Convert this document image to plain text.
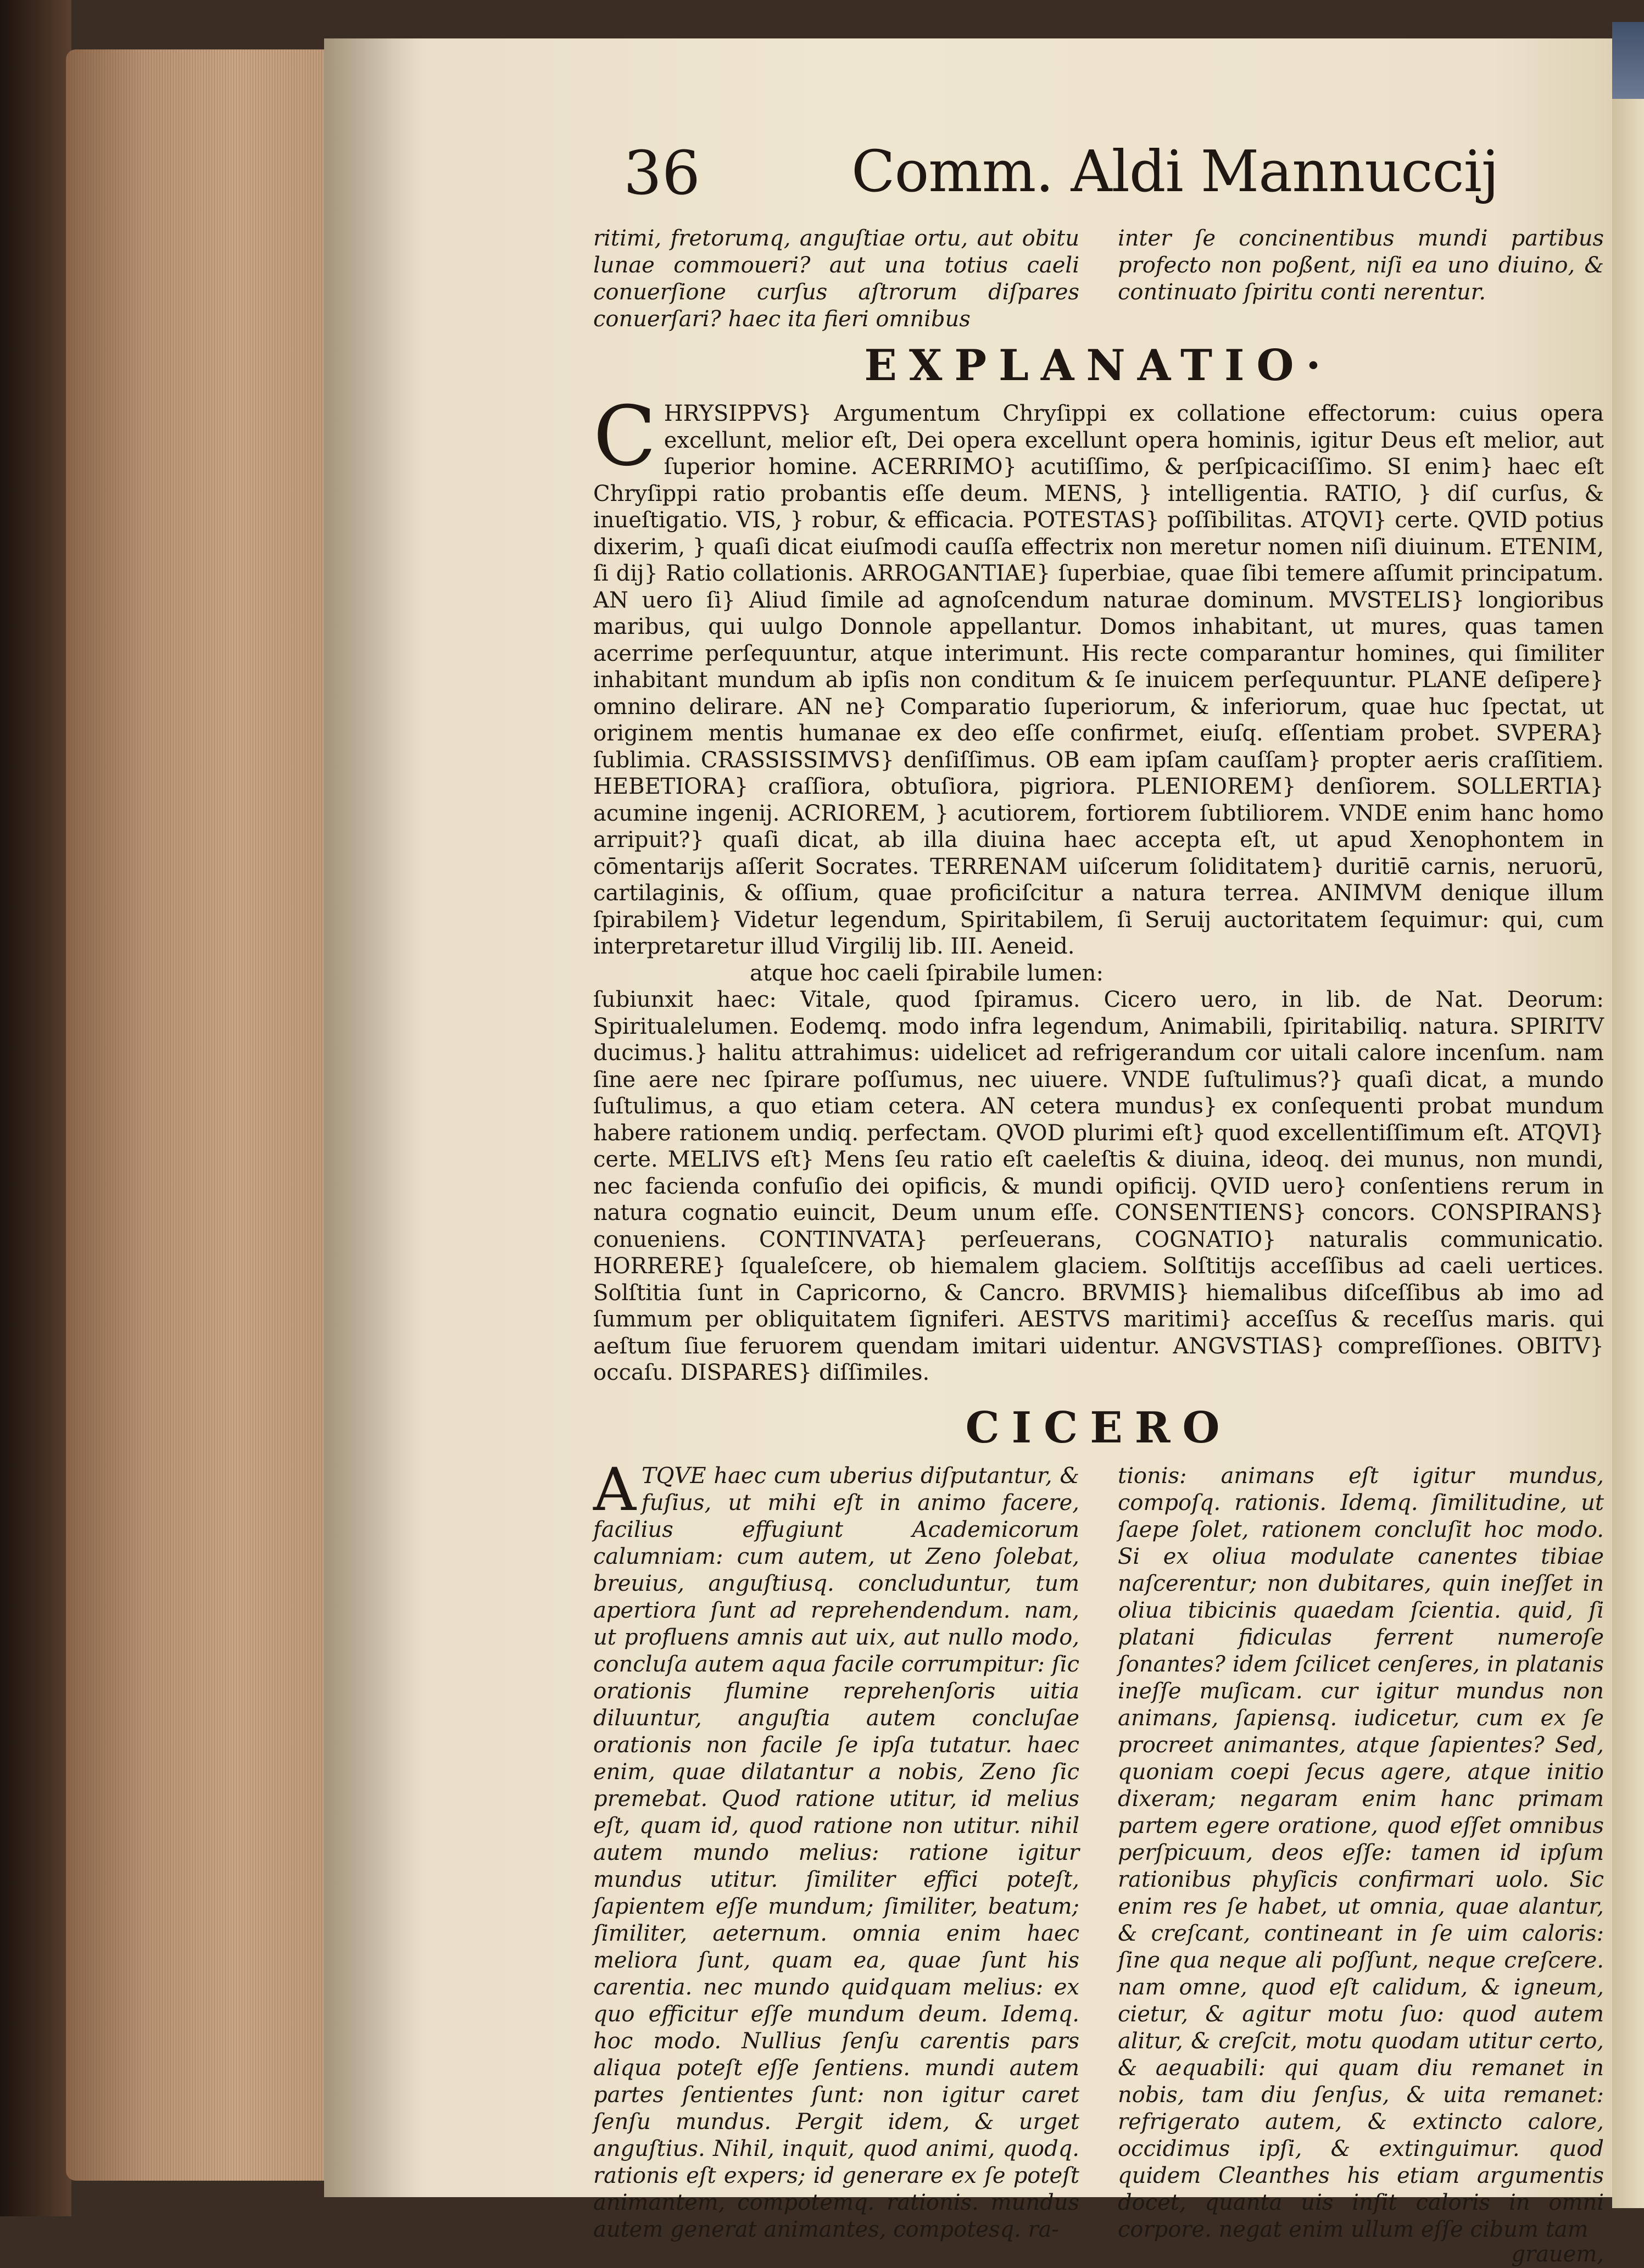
36	Comm. Aldi Mannuccij

ritimi, fretorumq, anguſtiae ortu, aut obitu lunae commoueri? aut una totius caeli conuerſione curſus aſtrorum diſpares conuerſari? haec ita fieri omnibus

inter ſe concinentibus mundi partibus profecto non poßent, niſi ea uno diuino, & continuato ſpiritu conti nerentur.

EXPLANATIO·

C HRYSIPPVS} Argumentum Chryſippi ex collatione effectorum: cuius opera excellunt, melior eſt, Dei opera excellunt opera hominis, igitur Deus eſt melior, aut ſuperior homine. ACERRIMO} acutiſſimo, & perſpicaciſſimo. SI enim} haec eſt Chryſippi ratio probantis eſſe deum. MENS, } intelligentia. RATIO, } diſ curſus, & inueſtigatio. VIS, } robur, & efficacia. POTESTAS} poſſibilitas. ATQVI} certe. QVID potius dixerim, } quaſi dicat eiuſmodi cauſſa effectrix non meretur nomen niſi diuinum. ETENIM, ſi dij} Ratio collationis. ARROGANTIAE} ſuperbiae, quae ſibi temere aſſumit principatum. AN uero ſi} Aliud ſimile ad agnoſcendum naturae dominum. MVSTELIS} longioribus maribus, qui uulgo Donnole appellantur. Domos inhabitant, ut mures, quas tamen acerrime perſequuntur, atque interimunt. His recte comparantur homines, qui ſimiliter inhabitant mundum ab ipſis non conditum & ſe inuicem perſequuntur. PLANE deſipere} omnino delirare. AN ne} Comparatio ſuperiorum, & inferiorum, quae huc ſpectat, ut originem mentis humanae ex deo eſſe confirmet, eiuſq. eſſentiam probet. SVPERA} ſublimia. CRASSISSIMVS} denſiſſimus. OB eam ipſam cauſſam} propter aeris craſſitiem. HEBETIORA} craſſiora, obtuſiora, pigriora. PLENIOREM} denſiorem. SOLLERTIA} acumine ingenij. ACRIOREM, } acutiorem, fortiorem ſubtiliorem. VNDE enim hanc homo arripuit?} quaſi dicat, ab illa diuina haec accepta eſt, ut apud Xenophontem in cōmentarijs aſſerit Socrates. TERRENAM uiſcerum ſoliditatem} duritiē carnis, neruorū, cartilaginis, & oſſium, quae proficiſcitur a natura terrea. ANIMVM denique illum ſpirabilem} Videtur legendum, Spiritabilem, ſi Seruij auctoritatem ſequimur: qui, cum interpretaretur illud Virgilij lib. III. Aeneid.

atque hoc caeli ſpirabile lumen:

ſubiunxit haec: Vitale, quod ſpiramus. Cicero uero, in lib. de Nat. Deorum: Spiritualelumen. Eodemq. modo infra legendum, Animabili, ſpiritabiliq. natura. SPIRITV ducimus.} halitu attrahimus: uidelicet ad refrigerandum cor uitali calore incenſum. nam ſine aere nec ſpirare poſſumus, nec uiuere. VNDE ſuſtulimus?} quaſi dicat, a mundo ſuſtulimus, a quo etiam cetera. AN cetera mundus} ex conſequenti probat mundum habere rationem undiq. perfectam. QVOD plurimi eſt} quod excellentiſſimum eſt. ATQVI} certe. MELIVS eſt} Mens ſeu ratio eſt caeleſtis & diuina, ideoq. dei munus, non mundi, nec facienda confuſio dei opificis, & mundi opificij. QVID uero} conſentiens rerum in natura cognatio euincit, Deum unum eſſe. CONSENTIENS} concors. CONSPIRANS} conueniens. CONTINVATA} perſeuerans, COGNATIO} naturalis communicatio. HORRERE} ſqualeſcere, ob hiemalem glaciem. Solſtitijs acceſſibus ad caeli uertices. Solſtitia ſunt in Capricorno, & Cancro. BRVMIS} hiemalibus diſceſſibus ab imo ad ſummum per obliquitatem ſigniferi. AESTVS maritimi} acceſſus & receſſus maris. qui aeſtum ſiue feruorem quendam imitari uidentur. ANGVSTIAS} compreſſiones. OBITV} occaſu. DISPARES} diſſimiles.

CICERO

A TQVE haec cum uberius diſputantur, & fuſius, ut mihi eſt in animo facere, facilius effugiunt Academicorum calumniam: cum autem, ut Zeno ſolebat, breuius, anguſtiusq. concluduntur, tum apertiora ſunt ad reprehendendum. nam, ut profluens amnis aut uix, aut nullo modo, concluſa autem aqua facile corrumpitur: ſic orationis flumine reprehenſoris uitia diluuntur, anguſtia autem concluſae orationis non facile ſe ipſa tutatur. haec enim, quae dilatantur a nobis, Zeno ſic premebat. Quod ratione utitur, id melius eſt, quam id, quod ratione non utitur. nihil autem mundo melius: ratione igitur mundus utitur. ſimiliter effici poteſt, ſapientem eſſe mundum; ſimiliter, beatum; ſimiliter, aeternum. omnia enim haec meliora ſunt, quam ea, quae ſunt his carentia. nec mundo quidquam melius: ex quo efficitur eſſe mundum deum. Idemq. hoc modo. Nullius ſenſu carentis pars aliqua poteſt eſſe ſentiens. mundi autem partes ſentientes ſunt: non igitur caret ſenſu mundus. Pergit idem, & urget anguſtius. Nihil, inquit, quod animi, quodq. rationis eſt expers; id generare ex ſe poteſt animantem, compotemq. rationis. mundus autem generat animantes, compotesq. ra-

tionis: animans eſt igitur mundus, compoſq. rationis. Idemq. ſimilitudine, ut ſaepe ſolet, rationem concluſit hoc modo. Si ex oliua modulate canentes tibiae naſcerentur; non dubitares, quin ineſſet in oliua tibicinis quaedam ſcientia. quid, ſi platani fidiculas ferrent numeroſe ſonantes? idem ſcilicet cenſeres, in platanis ineſſe muſicam. cur igitur mundus non animans, ſapiensq. iudicetur, cum ex ſe procreet animantes, atque ſapientes? Sed, quoniam coepi ſecus agere, atque initio dixeram; negaram enim hanc primam partem egere oratione, quod eſſet omnibus perſpicuum, deos eſſe: tamen id ipſum rationibus phyſicis confirmari uolo. Sic enim res ſe habet, ut omnia, quae alantur, & creſcant, contineant in ſe uim caloris: ſine qua neque ali poſſunt, neque creſcere. nam omne, quod eſt calidum, & igneum, cietur, & agitur motu ſuo: quod autem alitur, & creſcit, motu quodam utitur certo, & aequabili: qui quam diu remanet in nobis, tam diu ſenſus, & uita remanet: refrigerato autem, & extincto calore, occidimus ipſi, & extinguimur. quod quidem Cleanthes his etiam argumentis docet, quanta uis inſit caloris in omni corpore. negat enim ullum eſſe cibum tam

grauem,
